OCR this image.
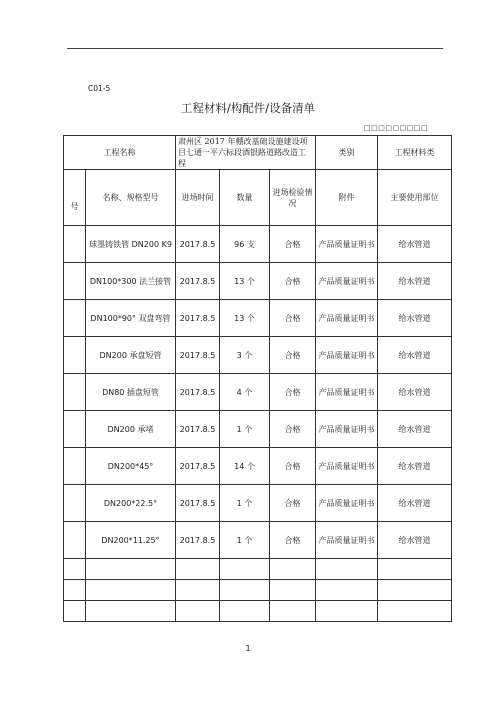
C01-5
工程材料/构配件/设备清单
□□□□□□□□□
工程名称		肃州区 2017 年棚改基础设施建设项目七通一平六标段酒银路道路改造工程			类别	工程材料类
号	名称、规格型号	进场时间	数量	进场检验情况	附件	主要使用部位
	球墨铸铁管 DN200 K9	2017.8.5	96 支	合格	产品质量证明书	给水管道
	DN100*300 法兰接管	2017.8.5	13 个	合格	产品质量证明书	给水管道
	DN100*90° 双盘弯管	2017.8.5	13 个	合格	产品质量证明书	给水管道
	DN200 承盘短管	2017.8.5	3 个	合格	产品质量证明书	给水管道
	DN80 插盘短管	2017.8.5	4 个	合格	产品质量证明书	给水管道
	DN200 承堵	2017.8.5	1 个	合格	产品质量证明书	给水管道
	DN200*45°	2017.8.5	14 个	合格	产品质量证明书	给水管道
	DN200*22.5°	2017.8.5	1 个	合格	产品质量证明书	给水管道
	DN200*11.25°	2017.8.5	1 个	合格	产品质量证明书	给水管道

1
